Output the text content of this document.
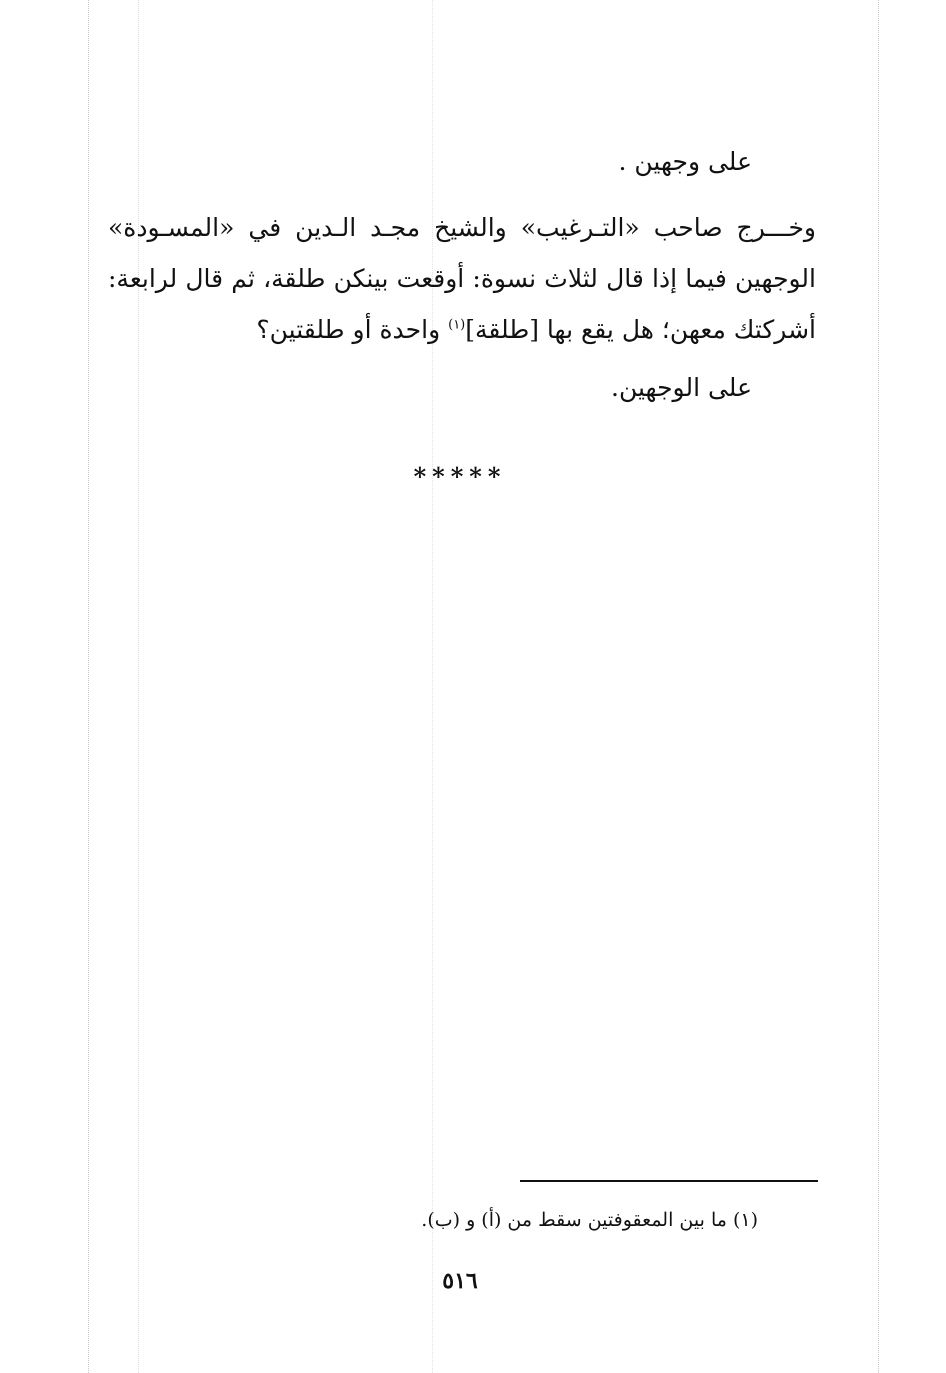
على وجهين .
وخـــرج صاحب «التـرغيب» والشيخ مجـد الـدين في «المسـودة»
الوجهين فيما إذا قال لثلاث نسوة: أوقعت بينكن طلقة، ثم قال لرابعة:
أشركتك معهن؛ هل يقع بها [طلقة]$^{(١)}$ واحدة أو طلقتين؟
على الوجهين.
*****
(١) ما بين المعقوفتين سقط من (أ) و (ب).
٥١٦
